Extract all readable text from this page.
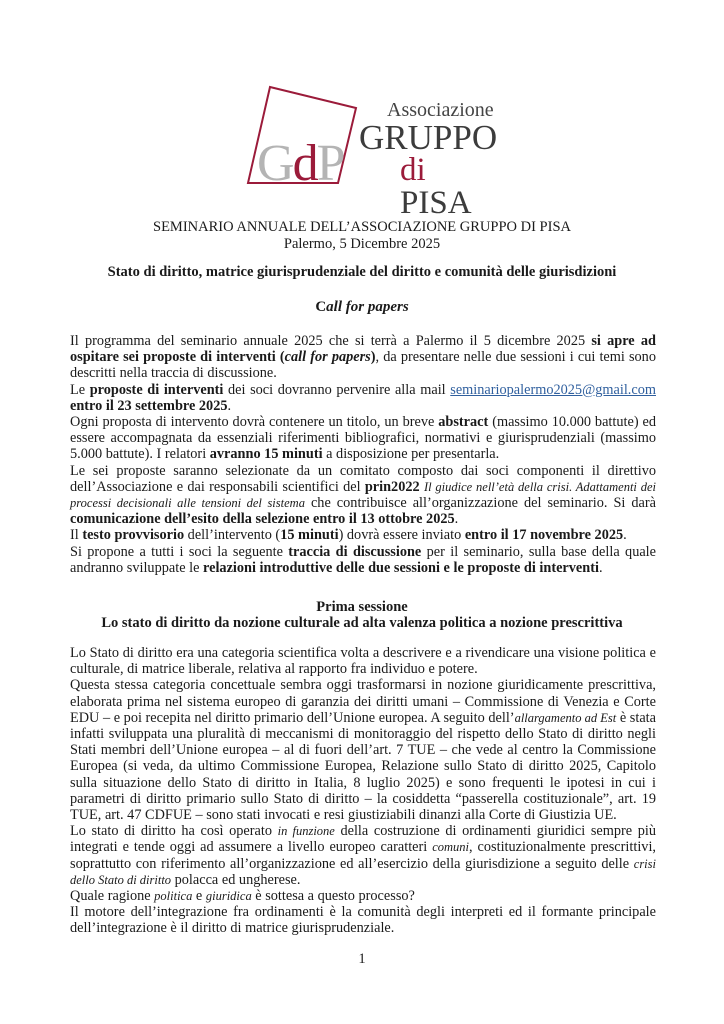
GdP
Associazione
GRUPPO
di PISA
SEMINARIO ANNUALE DELL’ASSOCIAZIONE GRUPPO DI PISA
Palermo, 5 Dicembre 2025
Stato di diritto, matrice giurisprudenziale del diritto e comunità delle giurisdizioni
Call for papers

Il programma del seminario annuale 2025 che si terrà a Palermo il 5 dicembre 2025 si apre ad ospitare sei proposte di interventi (call for papers), da presentare nelle due sessioni i cui temi sono descritti nella traccia di discussione.

Le proposte di interventi dei soci dovranno pervenire alla mail seminariopalermo2025@gmail.com entro il 23 settembre 2025.

Ogni proposta di intervento dovrà contenere un titolo, un breve abstract (massimo 10.000 battute) ed essere accompagnata da essenziali riferimenti bibliografici, normativi e giurisprudenziali (massimo 5.000 battute). I relatori avranno 15 minuti a disposizione per presentarla.

Le sei proposte saranno selezionate da un comitato composto dai soci componenti il direttivo dell’Associazione e dai responsabili scientifici del prin2022 Il giudice nell’età della crisi. Adattamenti dei processi decisionali alle tensioni del sistema che contribuisce all’organizzazione del seminario. Si darà comunicazione dell’esito della selezione entro il 13 ottobre 2025.

Il testo provvisorio dell’intervento (15 minuti) dovrà essere inviato entro il 17 novembre 2025.

Si propone a tutti i soci la seguente traccia di discussione per il seminario, sulla base della quale andranno sviluppate le relazioni introduttive delle due sessioni e le proposte di interventi.

Prima sessione
Lo stato di diritto da nozione culturale ad alta valenza politica a nozione prescrittiva

Lo Stato di diritto era una categoria scientifica volta a descrivere e a rivendicare una visione politica e culturale, di matrice liberale, relativa al rapporto fra individuo e potere.

Questa stessa categoria concettuale sembra oggi trasformarsi in nozione giuridicamente prescrittiva, elaborata prima nel sistema europeo di garanzia dei diritti umani – Commissione di Venezia e Corte EDU – e poi recepita nel diritto primario dell’Unione europea. A seguito dell’allargamento ad Est è stata infatti sviluppata una pluralità di meccanismi di monitoraggio del rispetto dello Stato di diritto negli Stati membri dell’Unione europea – al di fuori dell’art. 7 TUE – che vede al centro la Commissione Europea (si veda, da ultimo Commissione Europea, Relazione sullo Stato di diritto 2025, Capitolo sulla situazione dello Stato di diritto in Italia, 8 luglio 2025) e sono frequenti le ipotesi in cui i parametri di diritto primario sullo Stato di diritto – la cosiddetta “passerella costituzionale”, art. 19 TUE, art. 47 CDFUE – sono stati invocati e resi giustiziabili dinanzi alla Corte di Giustizia UE.

Lo stato di diritto ha così operato in funzione della costruzione di ordinamenti giuridici sempre più integrati e tende oggi ad assumere a livello europeo caratteri comuni, costituzionalmente prescrittivi, soprattutto con riferimento all’organizzazione ed all’esercizio della giurisdizione a seguito delle crisi dello Stato di diritto polacca ed ungherese.

Quale ragione politica e giuridica è sottesa a questo processo?

Il motore dell’integrazione fra ordinamenti è la comunità degli interpreti ed il formante principale dell’integrazione è il diritto di matrice giurisprudenziale.

1
